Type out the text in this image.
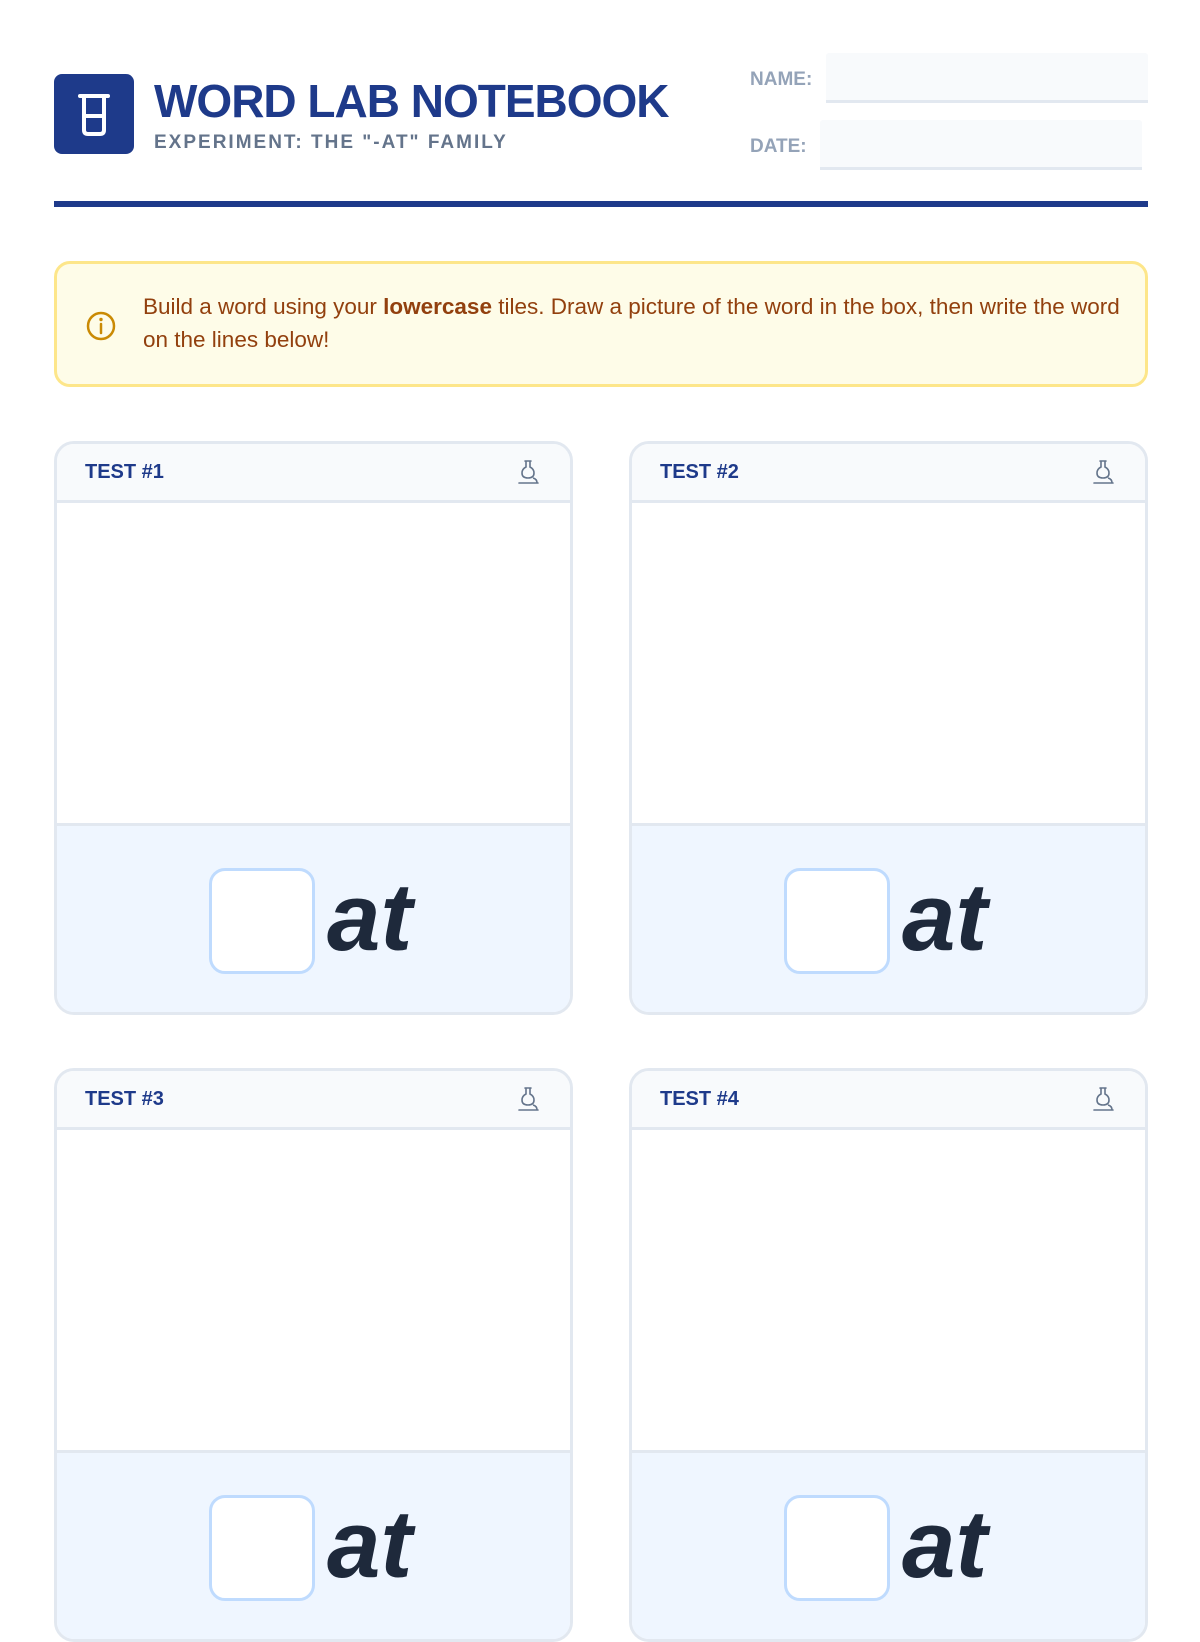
WORD LAB NOTEBOOK
EXPERIMENT: THE "-AT" FAMILY
NAME:
DATE:
Build a word using your lowercase tiles. Draw a picture of the word in the box, then write the word on the lines below!
TEST #1
at
TEST #2
at
TEST #3
at
TEST #4
at
